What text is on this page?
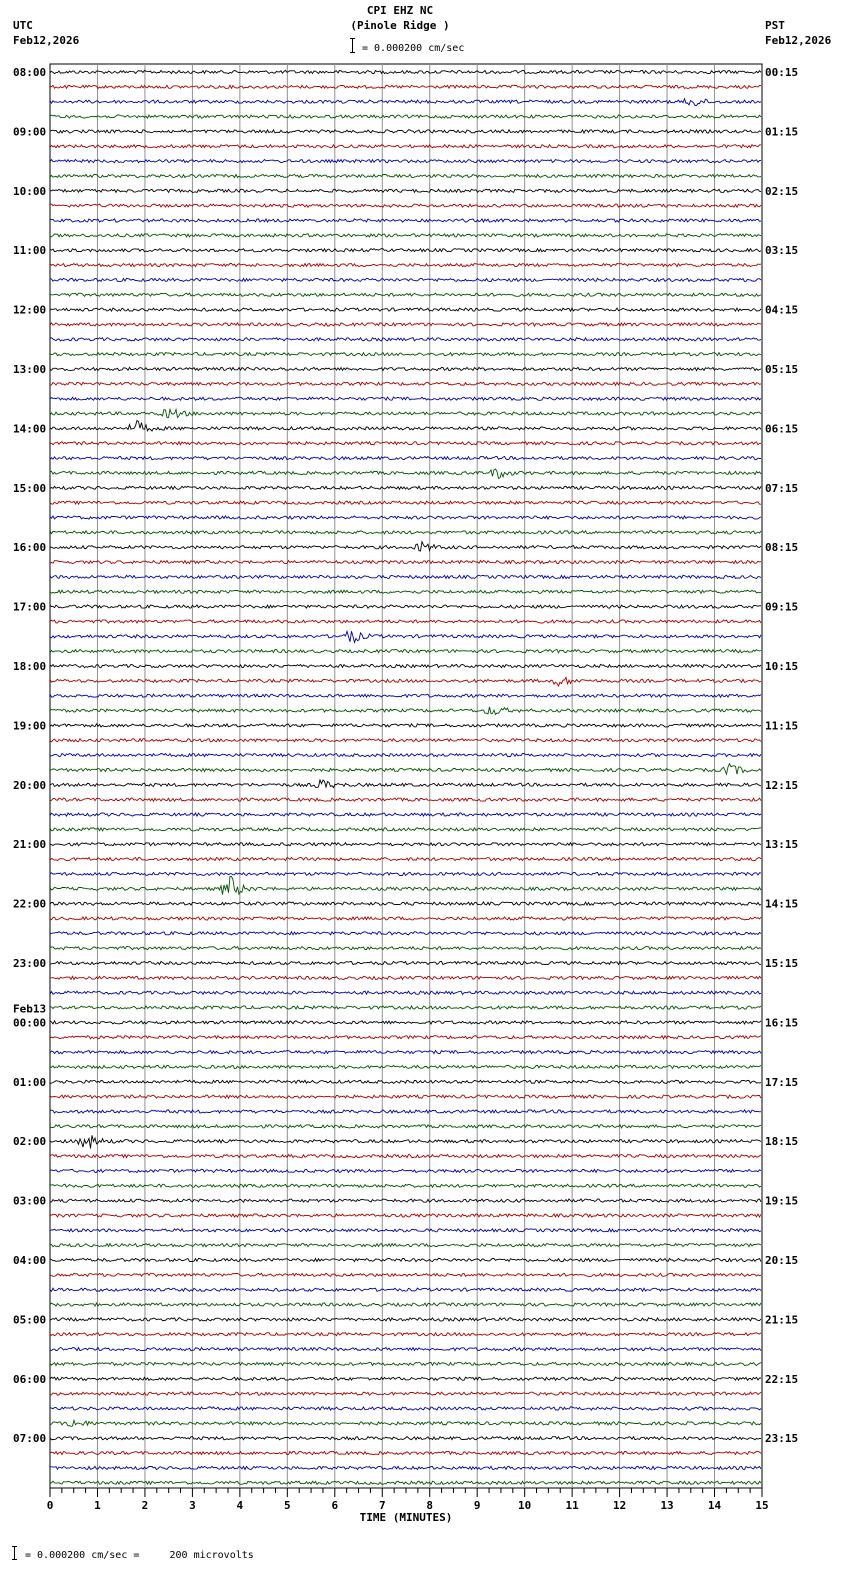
CPI EHZ NC
(Pinole Ridge )
UTC
Feb12,2026
PST
Feb12,2026
= 0.000200 cm/sec
0	1	2	3	4	5	6	7	8	9	10	11	12	13	14	15
TIME (MINUTES)
08:00	00:15
09:00	01:15
10:00	02:15
11:00	03:15
12:00	04:15
13:00	05:15
14:00	06:15
15:00	07:15
16:00	08:15
17:00	09:15
18:00	10:15
19:00	11:15
20:00	12:15
21:00	13:15
22:00	14:15
23:00	15:15
00:00	16:15
Feb13
01:00	17:15
02:00	18:15
03:00	19:15
04:00	20:15
05:00	21:15
06:00	22:15
07:00	23:15
= 0.000200 cm/sec =     200 microvolts
